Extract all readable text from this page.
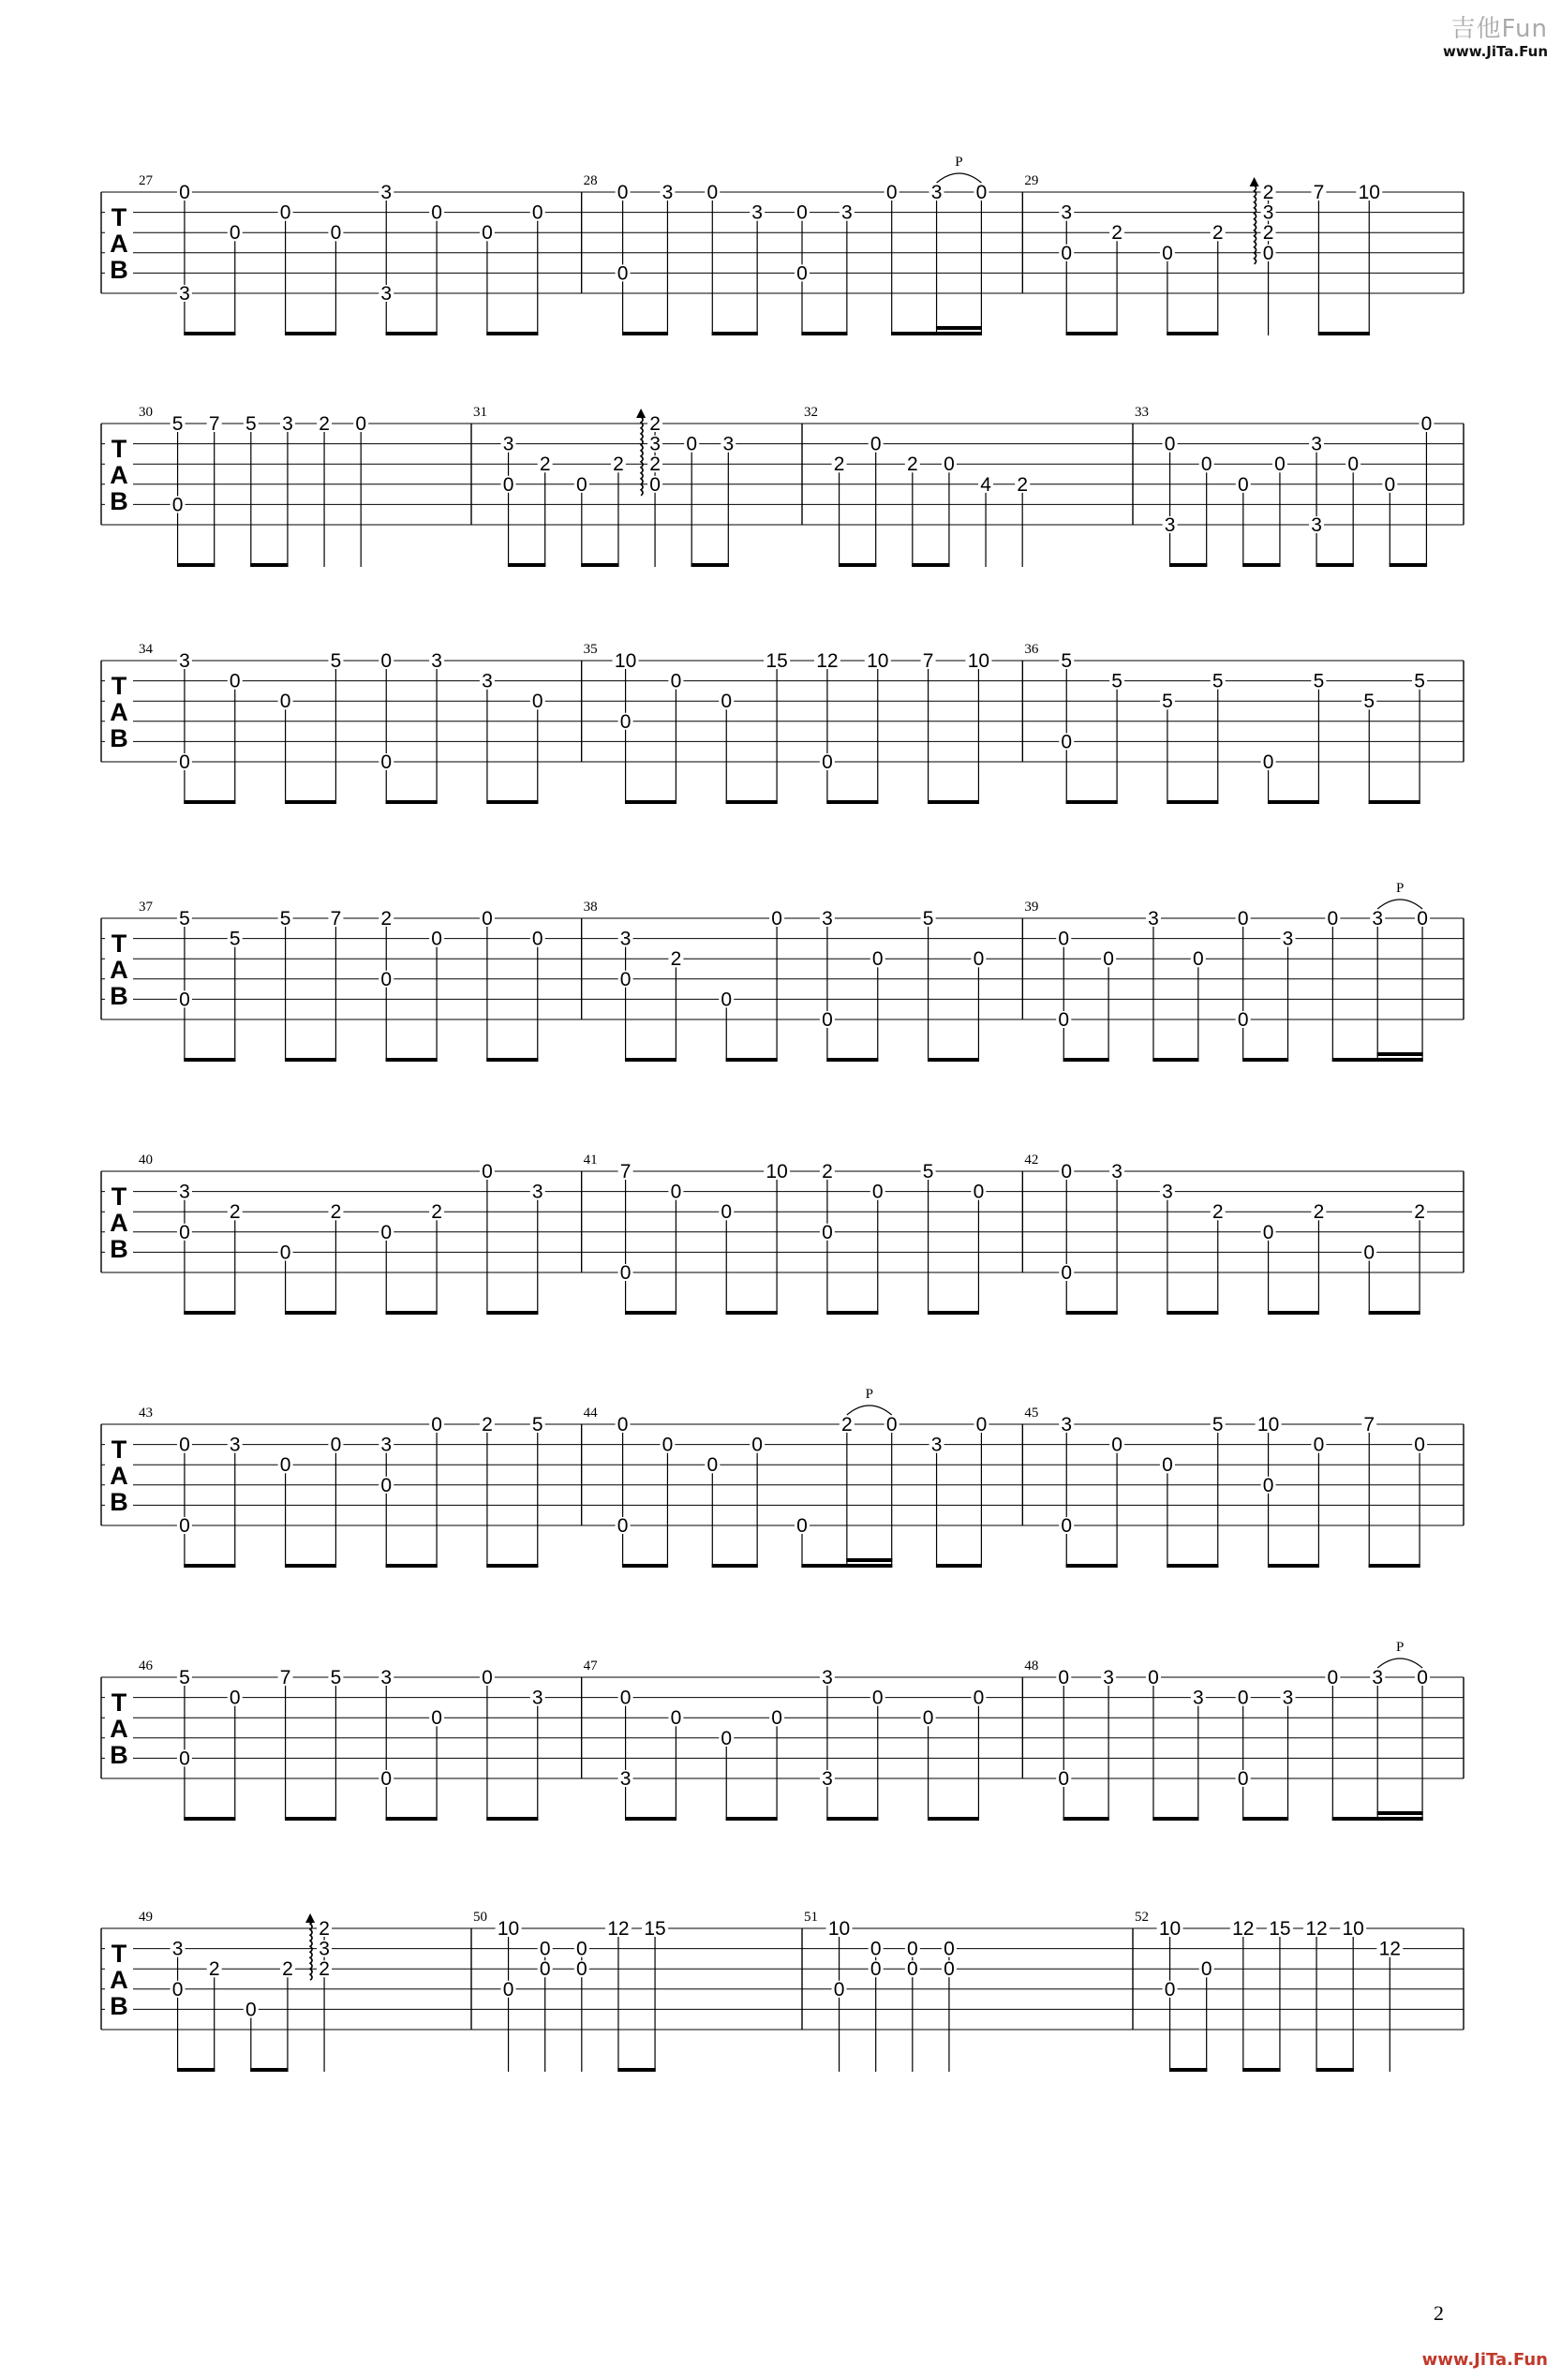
吉他Fun
www.JiTa.Fun
T
A
B
27
0
3
0
0
0
3
3
0
0
0
28
0
0
3 0
3 0
0
3
0 3 0
P
29
3
0
2
0
2
2
3
2
0
7 10
T
A
B
30
5
0
7 5 3 2 0
31
3
0
2
0
2
2
3
2
0
0 3
32
2
0
2 0
4 2
33
0
3
0
0
0
3
3
0
0
0
T
A
B
34
3
0
0
0
5 0
0
3
3
0
35
10
0
0
0
15 12
0
10 7 10
36
5
0
5
5
5
0
5
5
5
T
A
B
37
5
0
5
5 7 2
0
0
0
0
38
3
0
2
0
0 3
0
0
5
0
39
0
0
0
3
0
0
0
3
0 3 0
P
T
A
B
40
3
0
2
0
2
0
2
0
3
41
7
0
0
0
10 2
0
0
5
0
42
0
0
3
3
2
0
2
0
2
T
A
B
43
0
0
3
0
0 3
0
0 2 5
44
0
0
0
0
0
0
2 0
3
0
P
45
3
0
0
0
5 10
0
0
7
0
T
A
B
46
5
0
0
7 5 3
0
0
0
3
47
0
3
0
0
0
3
3
0
0
0
48
0
0
3 0
3 0
0
3
0 3 0
P
T
A
B
49
3
0
2
0
2
2
3
2
50
10
0
0
0
0
0
12 15
51
10
0
0
0
0
0
0
0
52
10
0
0
12 15 12 10
12
2
www.JiTa.Fun
